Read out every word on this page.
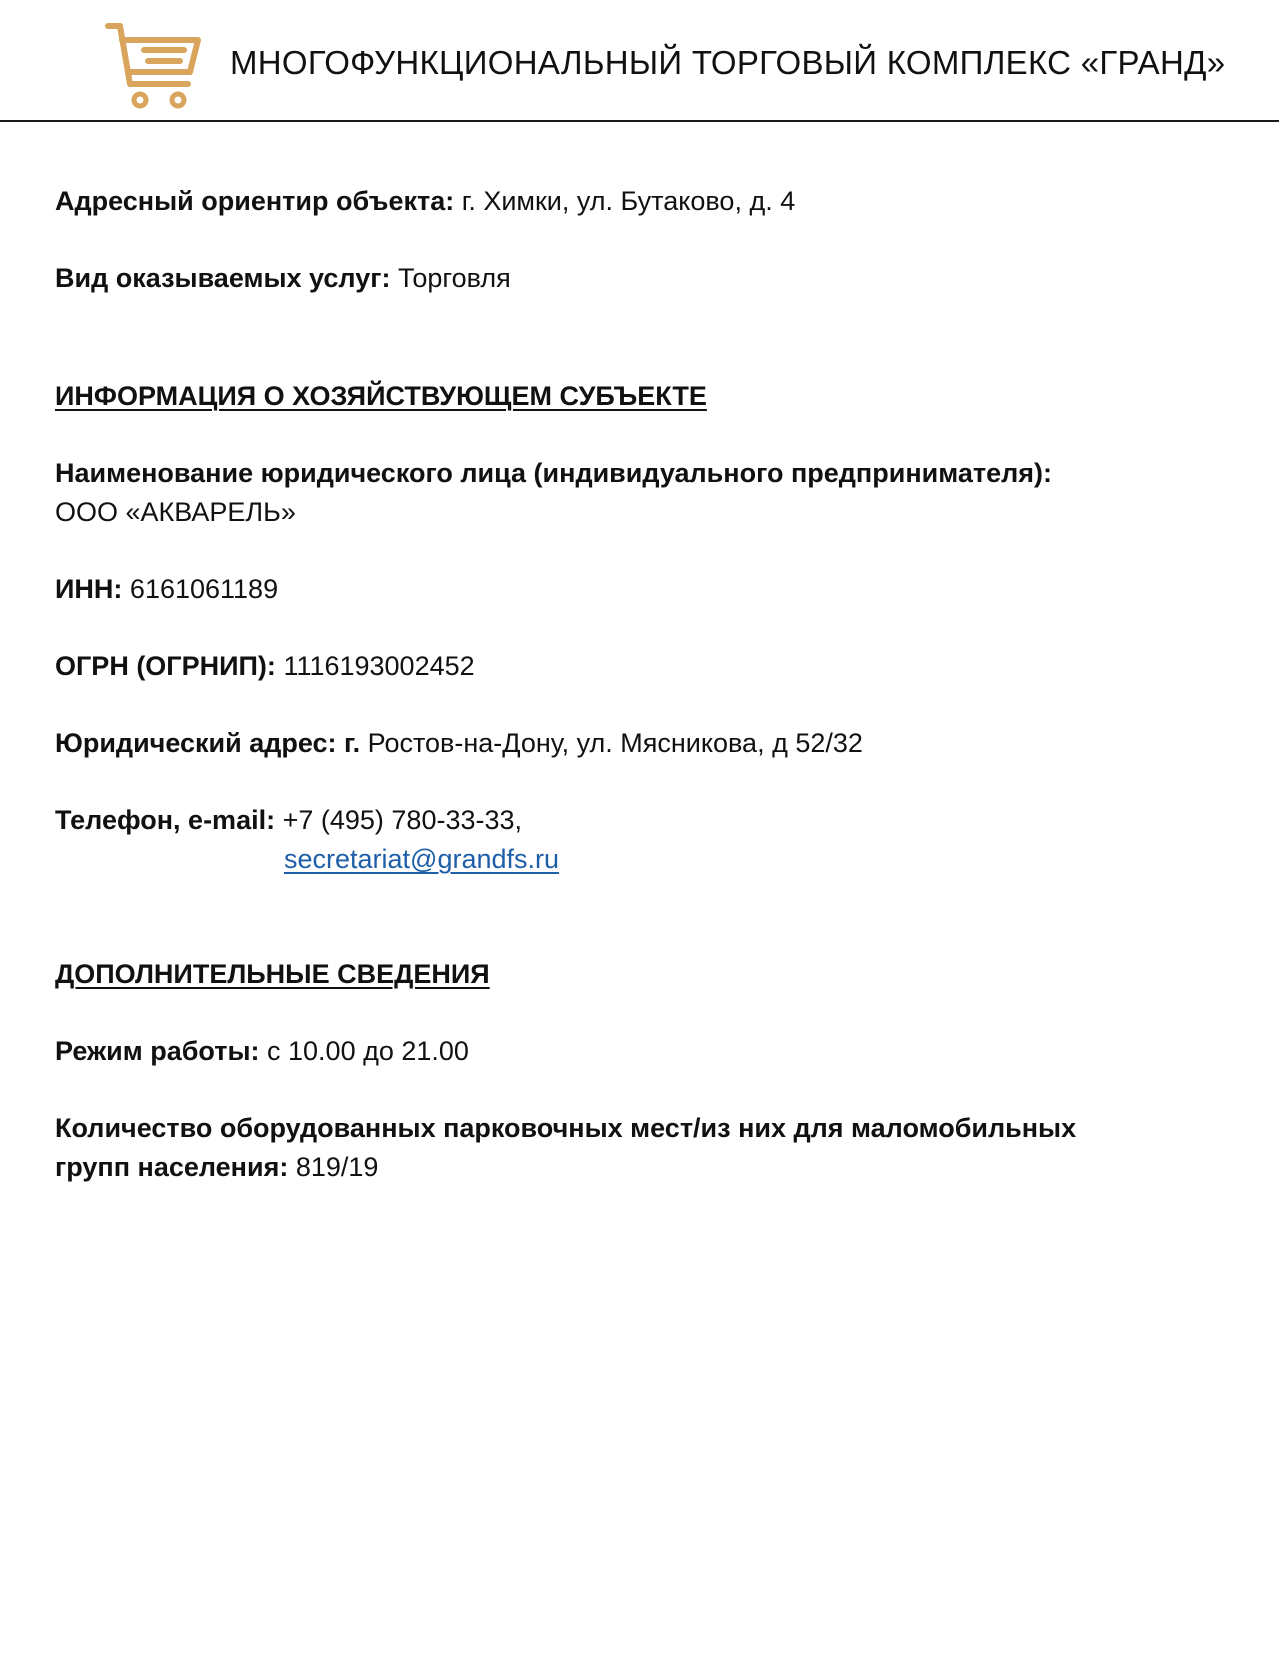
МНОГОФУНКЦИОНАЛЬНЫЙ ТОРГОВЫЙ КОМПЛЕКС «ГРАНД»
Адресный ориентир объекта: г. Химки, ул. Бутаково, д. 4
Вид оказываемых услуг: Торговля
ИНФОРМАЦИЯ О ХОЗЯЙСТВУЮЩЕМ СУБЪЕКТЕ
Наименование юридического лица (индивидуального предпринимателя):
ООО «АКВАРЕЛЬ»
ИНН: 6161061189
ОГРН (ОГРНИП): 1116193002452
Юридический адрес: г. Ростов-на-Дону, ул. Мясникова, д 52/32
Телефон, e-mail: +7 (495) 780-33-33,
secretariat@grandfs.ru
ДОПОЛНИТЕЛЬНЫЕ СВЕДЕНИЯ
Режим работы: с 10.00 до 21.00
Количество оборудованных парковочных мест/из них для маломобильных
групп населения: 819/19
